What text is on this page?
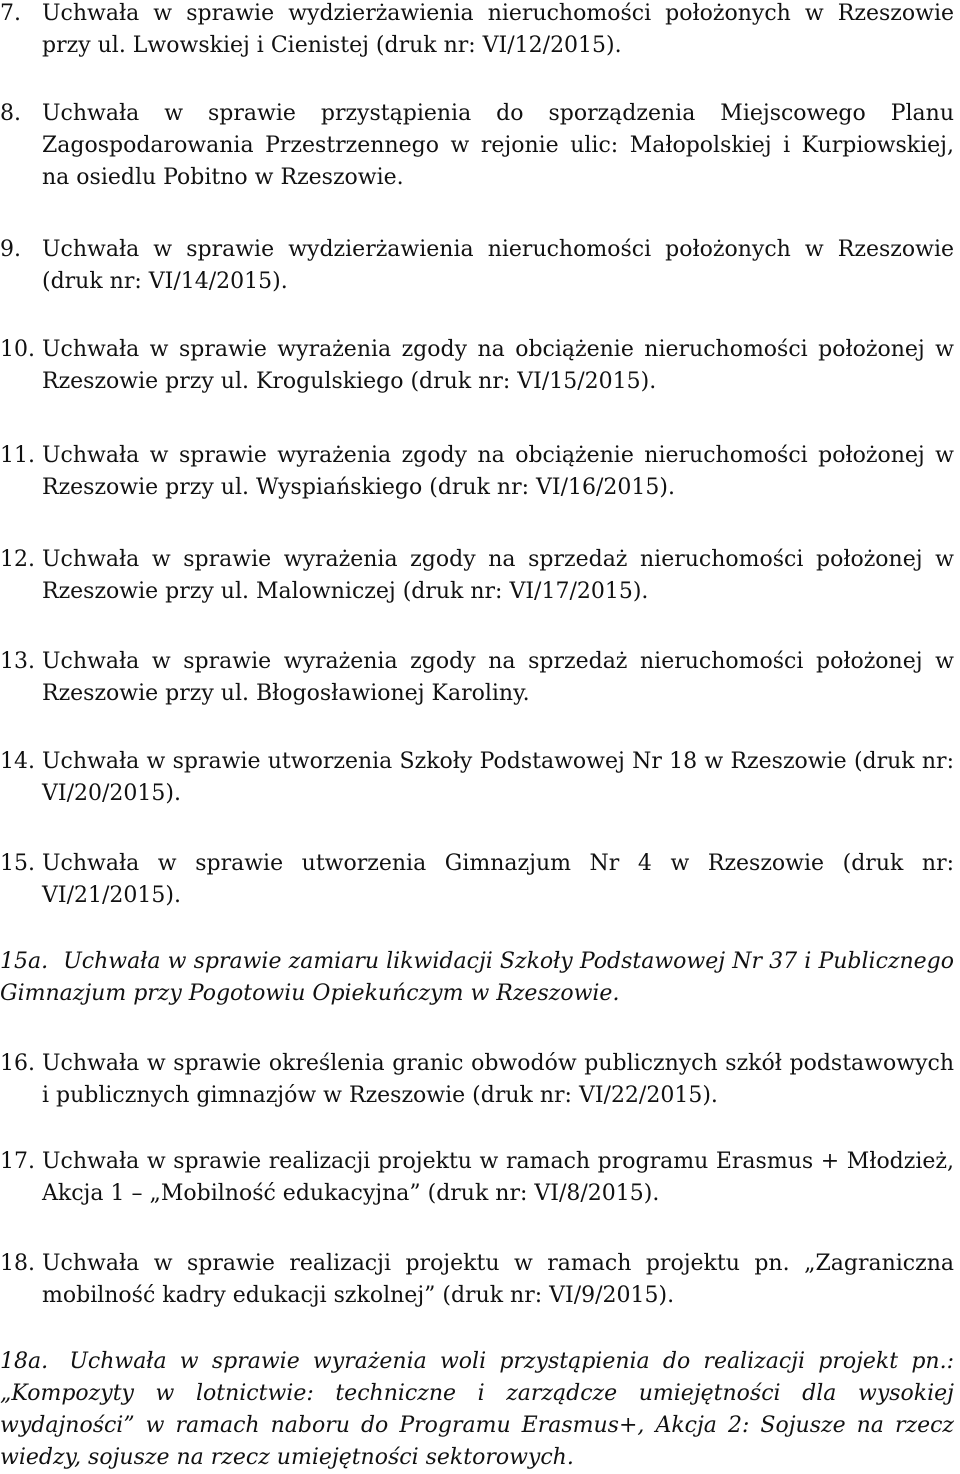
7. Uchwała w sprawie wydzierżawienia nieruchomości położonych w Rzeszowie przy ul. Lwowskiej i Cienistej (druk nr: VI/12/2015).
8. Uchwała w sprawie przystąpienia do sporządzenia Miejscowego Planu Zagospodarowania Przestrzennego w rejonie ulic: Małopolskiej i Kurpiowskiej, na osiedlu Pobitno w Rzeszowie.
9. Uchwała w sprawie wydzierżawienia nieruchomości położonych w Rzeszowie (druk nr: VI/14/2015).
10. Uchwała w sprawie wyrażenia zgody na obciążenie nieruchomości położonej w Rzeszowie przy ul. Krogulskiego (druk nr: VI/15/2015).
11. Uchwała w sprawie wyrażenia zgody na obciążenie nieruchomości położonej w Rzeszowie przy ul. Wyspiańskiego (druk nr: VI/16/2015).
12. Uchwała w sprawie wyrażenia zgody na sprzedaż nieruchomości położonej w Rzeszowie przy ul. Malowniczej (druk nr: VI/17/2015).
13. Uchwała w sprawie wyrażenia zgody na sprzedaż nieruchomości położonej w Rzeszowie przy ul. Błogosławionej Karoliny.
14. Uchwała w sprawie utworzenia Szkoły Podstawowej Nr 18 w Rzeszowie (druk nr: VI/20/2015).
15. Uchwała w sprawie utworzenia Gimnazjum Nr 4 w Rzeszowie (druk nr: VI/21/2015).
15a. Uchwała w sprawie zamiaru likwidacji Szkoły Podstawowej Nr 37 i Publicznego Gimnazjum przy Pogotowiu Opiekuńczym w Rzeszowie.
16. Uchwała w sprawie określenia granic obwodów publicznych szkół podstawowych i publicznych gimnazjów w Rzeszowie (druk nr: VI/22/2015).
17. Uchwała w sprawie realizacji projektu w ramach programu Erasmus + Młodzież, Akcja 1 – „Mobilność edukacyjna” (druk nr: VI/8/2015).
18. Uchwała w sprawie realizacji projektu w ramach projektu pn. „Zagraniczna mobilność kadry edukacji szkolnej” (druk nr: VI/9/2015).
18a. Uchwała w sprawie wyrażenia woli przystąpienia do realizacji projekt pn.: „Kompozyty w lotnictwie: techniczne i zarządcze umiejętności dla wysokiej wydajności” w ramach naboru do Programu Erasmus+, Akcja 2: Sojusze na rzecz wiedzy, sojusze na rzecz umiejętności sektorowych.
